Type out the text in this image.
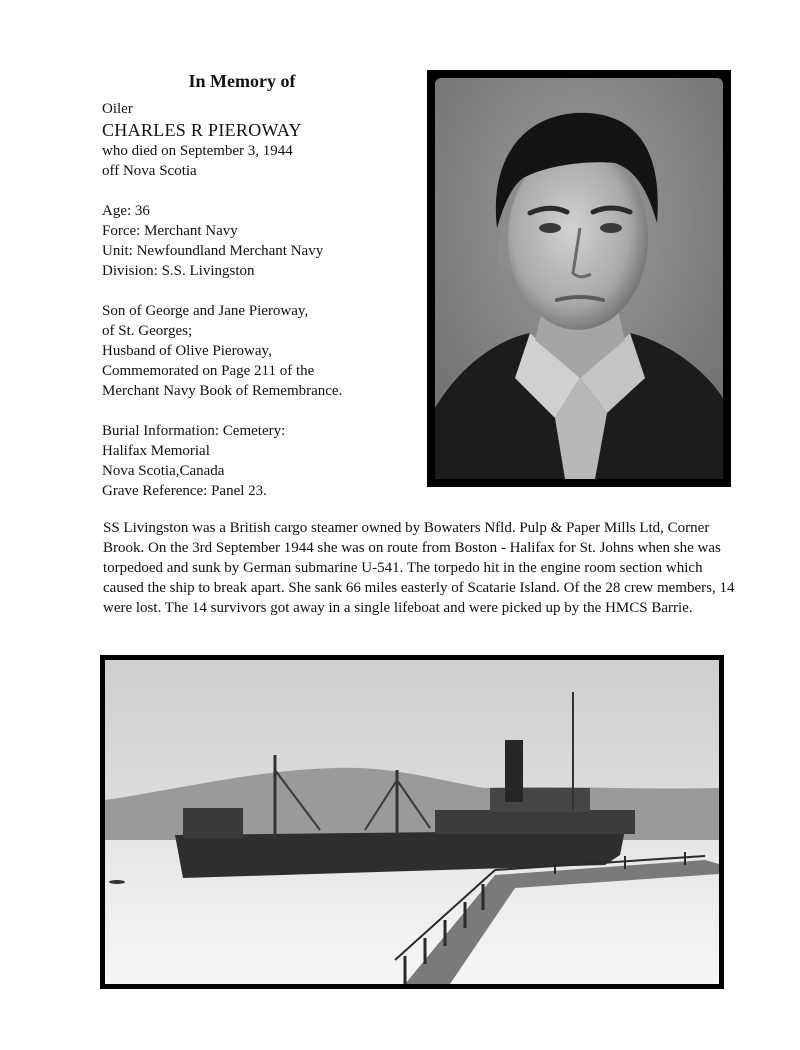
In Memory of
Oiler
CHARLES R PIEROWAY
who died on September 3, 1944
off Nova Scotia
Age: 36
Force: Merchant Navy
Unit: Newfoundland Merchant Navy
Division: S.S. Livingston
Son of George and Jane Pieroway,
of St. Georges;
Husband of Olive Pieroway,
Commemorated on Page 211 of the
Merchant Navy Book of Remembrance.
Burial Information: Cemetery:
Halifax Memorial
Nova Scotia,Canada
Grave Reference: Panel 23.

SS Livingston was a British cargo steamer owned by Bowaters Nfld. Pulp & Paper Mills Ltd, Corner Brook. On the 3rd September 1944 she was on route from Boston - Halifax for St. Johns when she was torpedoed and sunk by German submarine U-541. The torpedo hit in the engine room section which caused the ship to break apart. She sank 66 miles easterly of Scatarie Island. Of the 28 crew members, 14 were lost. The 14 survivors got away in a single lifeboat and were picked up by the HMCS Barrie.
